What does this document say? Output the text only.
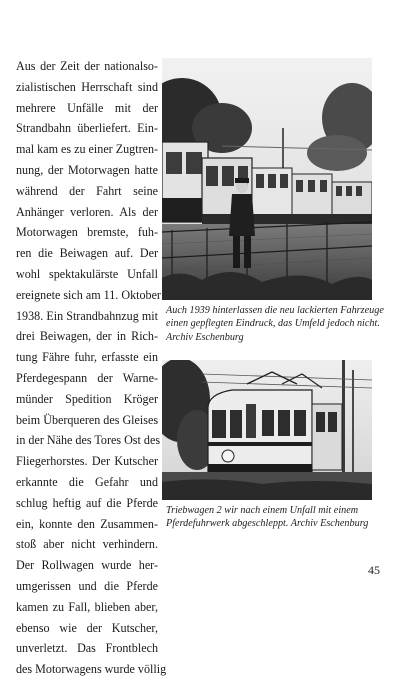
Aus der Zeit der nationalso-
zialistischen Herrschaft sind
mehrere Unfälle mit der
Strandbahn überliefert. Ein-
mal kam es zu einer Zugtren-
nung, der Motorwagen hatte
während der Fahrt seine
Anhänger verloren. Als der
Motorwagen bremste, fuh-
ren die Beiwagen auf. Der
wohl spektakulärste Unfall
ereignete sich am 11. Oktober
1938. Ein Strandbahnzug mit
drei Beiwagen, der in Rich-
tung Fähre fuhr, erfasste ein
Pferdegespann der Warne-
münder Spedition Kröger
beim Überqueren des Gleises
in der Nähe des Tores Ost des
Fliegerhorstes. Der Kutscher
erkannte die Gefahr und
schlug heftig auf die Pferde
ein, konnte den Zusammen-
stoß aber nicht verhindern.
Der Rollwagen wurde her-
umgerissen und die Pferde
kamen zu Fall, blieben aber,
ebenso wie der Kutscher,
unverletzt. Das Frontblech
des Motorwagens wurde völlig

Auch 1939 hinterlassen die neu lackierten Fahrzeuge
einen gepflegten Eindruck, das Umfeld jedoch nicht.
Archiv Eschenburg

Triebwagen 2 wir nach einem Unfall mit einem
Pferdefuhrwerk abgeschleppt. Archiv Eschenburg

45
